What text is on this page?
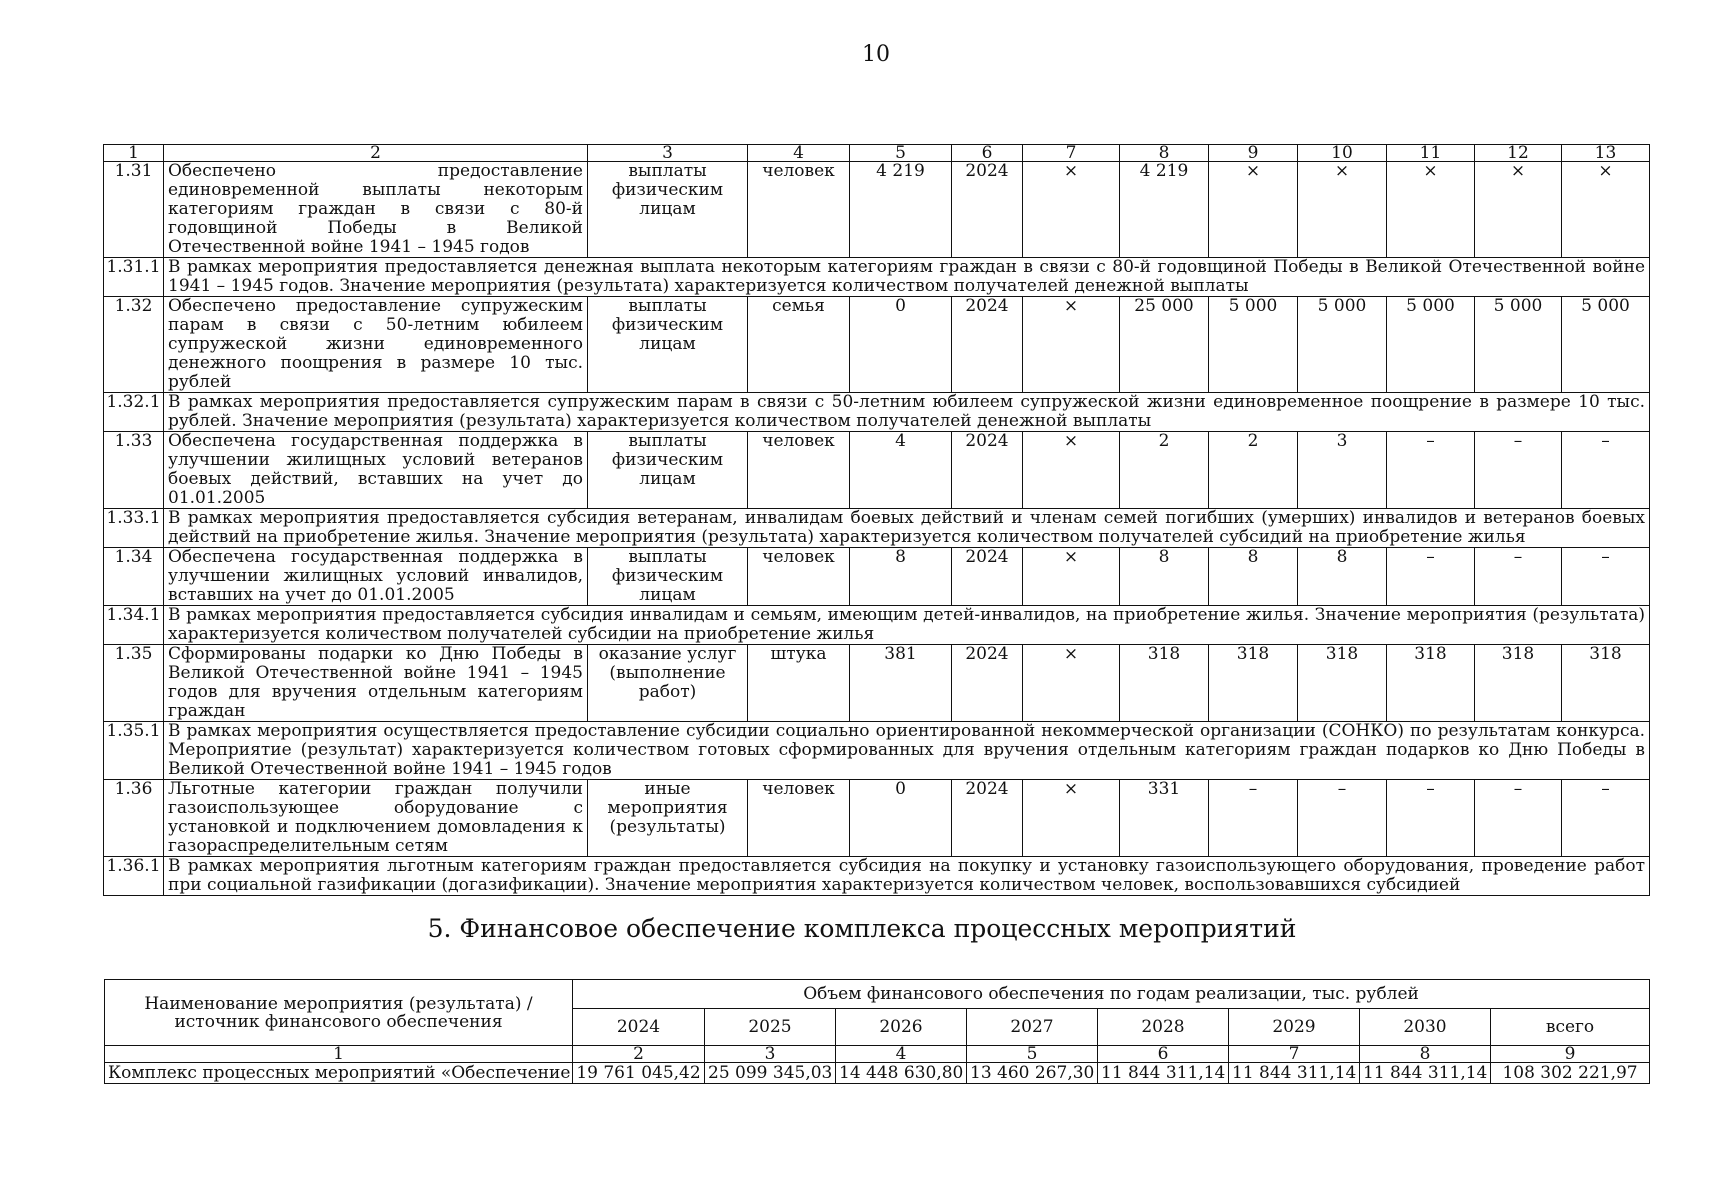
10
1	2	3	4	5	6	7	8	9	10	11	12	13
1.31	Обеспечено предоставление единовременной выплаты некоторым категориям граждан в связи с 80-й годовщиной Победы в Великой Отечественной войне 1941 – 1945 годов	выплаты физическим лицам	человек	4 219	2024	×	4 219	×	×	×	×	×
1.31.1	В рамках мероприятия предоставляется денежная выплата некоторым категориям граждан в связи с 80-й годовщиной Победы в Великой Отечественной войне 1941 – 1945 годов. Значение мероприятия (результата) характеризуется количеством получателей денежной выплаты											
1.32	Обеспечено предоставление супружеским парам в связи с 50-летним юбилеем супружеской жизни единовременного денежного поощрения в размере 10 тыс. рублей	выплаты физическим лицам	семья	0	2024	×	25 000	5 000	5 000	5 000	5 000	5 000
1.32.1	В рамках мероприятия предоставляется супружеским парам в связи с 50-летним юбилеем супружеской жизни единовременное поощрение в размере 10 тыс. рублей. Значение мероприятия (результата) характеризуется количеством получателей денежной выплаты											
1.33	Обеспечена государственная поддержка в улучшении жилищных условий ветеранов боевых действий, вставших на учет до 01.01.2005	выплаты физическим лицам	человек	4	2024	×	2	2	3	–	–	–
1.33.1	В рамках мероприятия предоставляется субсидия ветеранам, инвалидам боевых действий и членам семей погибших (умерших) инвалидов и ветеранов боевых действий на приобретение жилья. Значение мероприятия (результата) характеризуется количеством получателей субсидий на приобретение жилья											
1.34	Обеспечена государственная поддержка в улучшении жилищных условий инвалидов, вставших на учет до 01.01.2005	выплаты физическим лицам	человек	8	2024	×	8	8	8	–	–	–
1.34.1	В рамках мероприятия предоставляется субсидия инвалидам и семьям, имеющим детей-инвалидов, на приобретение жилья. Значение мероприятия (результата) характеризуется количеством получателей субсидии на приобретение жилья											
1.35	Сформированы подарки ко Дню Победы в Великой Отечественной войне 1941 – 1945 годов для вручения отдельным категориям граждан	оказание услуг (выполнение работ)	штука	381	2024	×	318	318	318	318	318	318
1.35.1	В рамках мероприятия осуществляется предоставление субсидии социально ориентированной некоммерческой организации (СОНКО) по результатам конкурса. Мероприятие (результат) характеризуется количеством готовых сформированных для вручения отдельным категориям граждан подарков ко Дню Победы в Великой Отечественной войне 1941 – 1945 годов											
1.36	Льготные категории граждан получили газоиспользующее оборудование с установкой и подключением домовладения к газораспределительным сетям	иные мероприятия (результаты)	человек	0	2024	×	331	–	–	–	–	–
1.36.1	В рамках мероприятия льготным категориям граждан предоставляется субсидия на покупку и установку газоиспользующего оборудования, проведение работ при социальной газификации (догазификации). Значение мероприятия характеризуется количеством человек, воспользовавшихся субсидией											
5. Финансовое обеспечение комплекса процессных мероприятий
Наименование мероприятия (результата) / источник финансового обеспечения	Объем финансового обеспечения по годам реализации, тыс. рублей							
	2024	2025	2026	2027	2028	2029	2030	всего
1	2	3	4	5	6	7	8	9
Комплекс процессных мероприятий «Обеспечение	19 761 045,42	25 099 345,03	14 448 630,80	13 460 267,30	11 844 311,14	11 844 311,14	11 844 311,14	108 302 221,97
